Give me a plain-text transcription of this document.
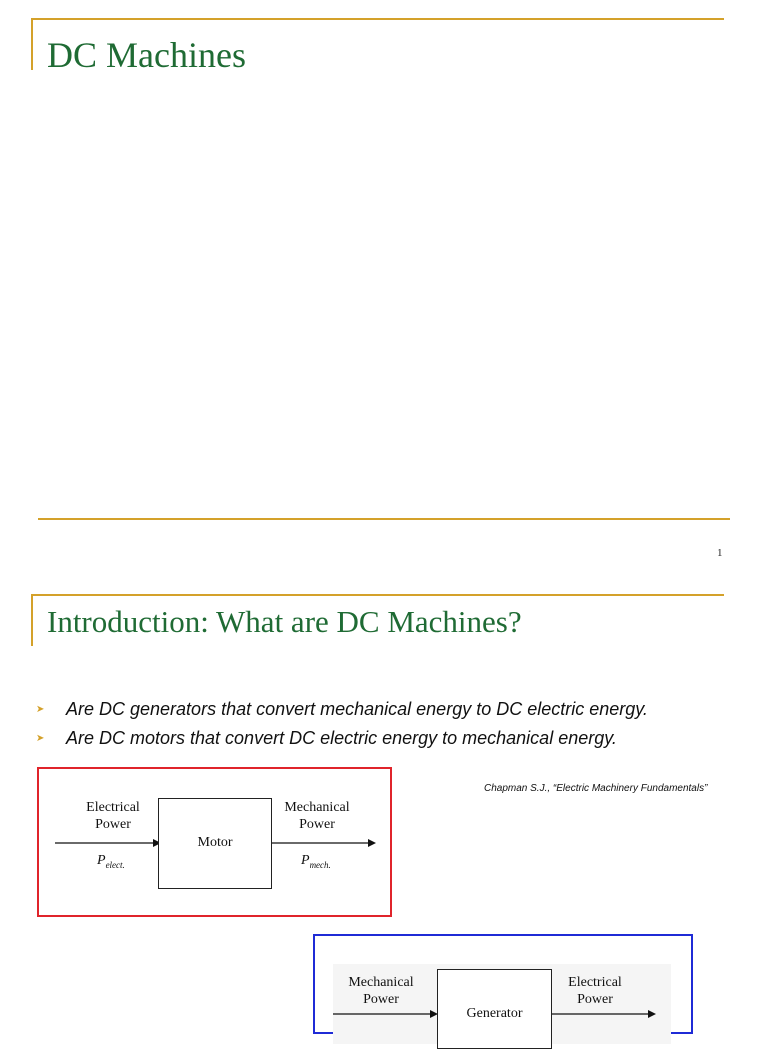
DC Machines
1
Introduction: What are DC Machines?
➤	Are DC generators that convert mechanical energy to DC electric energy.
➤	Are DC motors that convert DC electric energy to mechanical energy.
Chapman S.J., “Electric Machinery Fundamentals”
Electrical
Power
$P_{elect.}$
Motor
Mechanical
Power
$P_{mech.}$
Mechanical
Power
Generator
Electrical
Power
